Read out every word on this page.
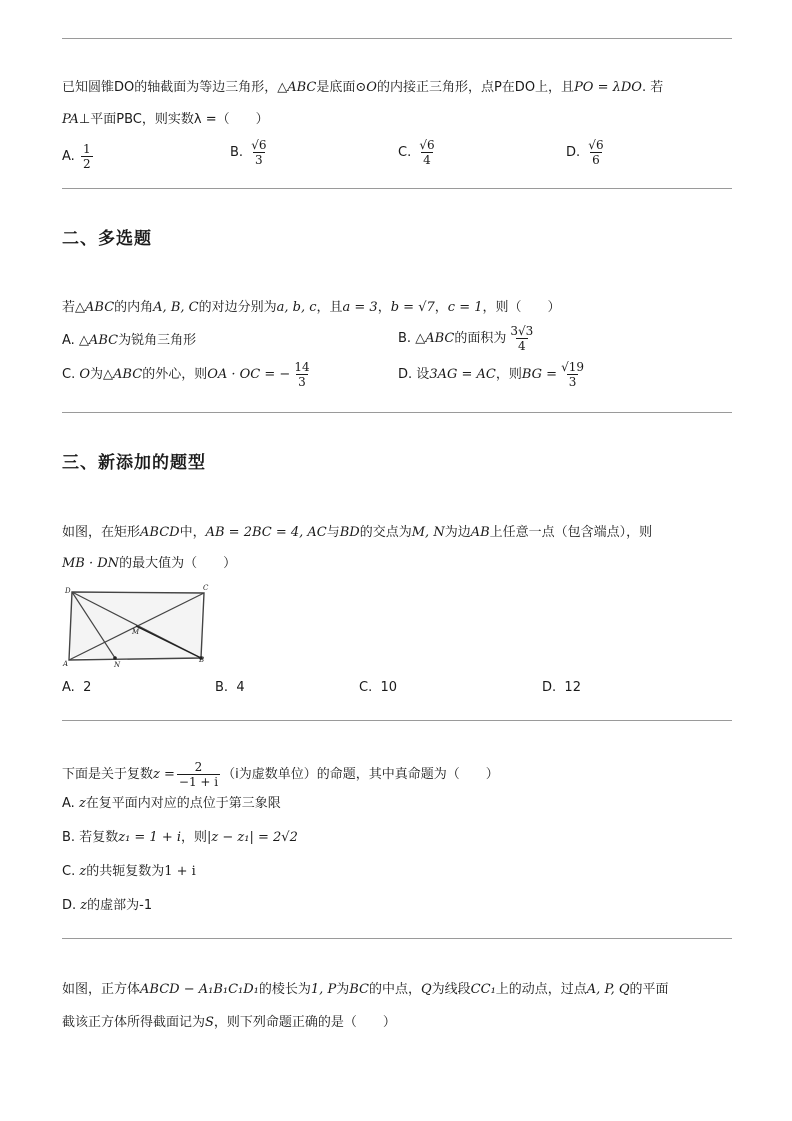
已知圆锥DO的轴截面为等边三角形，△ABC是底面⊙O的内接正三角形，点P在DO上，且PO = λDO. 若
PA⊥平面PBC，则实数λ =（　　）
A. $\frac{1}{2}$	B. $\frac{√6}{3}$	C. $\frac{√6}{4}$	D. $\frac{√6}{6}$
二、多选题
若△ABC的内角A, B, C的对边分别为a, b, c，且a = 3，b = √7，c = 1，则（　　）
A. △ABC为锐角三角形	B. △ABC的面积为 $\frac{3√3}{4}$
C. O为△ABC的外心，则OA · OC = − $\frac{14}{3}$	D. 设3AG = AC，则BG = $\frac{√19}{3}$
三、新添加的题型
如图，在矩形ABCD中，AB = 2BC = 4, AC与BD的交点为M, N为边AB上任意一点（包含端点），则
MB · DN的最大值为（　　）
D	C
M
A	N
B
A. 2	B. 4	C. 10	D. 12
下面是关于复数$z = \frac{2}{-1 + i} (i$为虚数单位）的命题，其中真命题为（　　）
A. z在复平面内对应的点位于第三象限
B. 若复数z₁ = 1 + i，则|z − z₁| = 2√2
C. z的共轭复数为1 + i
D. z的虚部为-1
如图，正方体ABCD − A₁B₁C₁D₁的棱长为1, P为BC的中点，Q为线段CC₁上的动点，过点A, P, Q的平面
截该正方体所得截面记为S，则下列命题正确的是（　　）
